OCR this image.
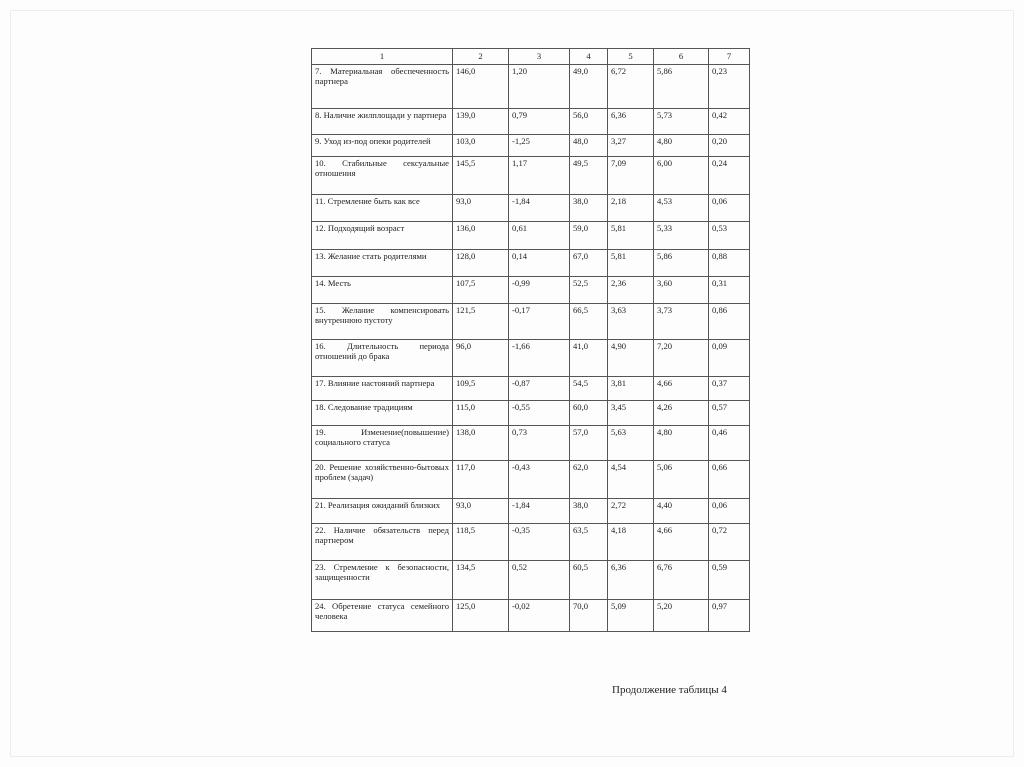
1	2	3	4	5	6	7
7. Материальная обеспеченность партнера	146,0	1,20	49,0	6,72	5,86	0,23
8. Наличие жилплощади у партнера	139,0	0,79	56,0	6,36	5,73	0,42
9. Уход из-под опеки родителей	103,0	-1,25	48,0	3,27	4,80	0,20
10. Стабильные сексуальные отношения	145,5	1,17	49,5	7,09	6,00	0,24
11. Стремление быть как все	93,0	-1,84	38,0	2,18	4,53	0,06
12. Подходящий возраст	136,0	0,61	59,0	5,81	5,33	0,53
13. Желание стать родителями	128,0	0,14	67,0	5,81	5,86	0,88
14. Месть	107,5	-0,99	52,5	2,36	3,60	0,31
15. Желание компенсировать внутреннюю пустоту	121,5	-0,17	66,5	3,63	3,73	0,86
16. Длительность периода отношений до брака	96,0	-1,66	41,0	4,90	7,20	0,09
17. Влияние настояний партнера	109,5	-0,87	54,5	3,81	4,66	0,37
18. Следование традициям	115,0	-0,55	60,0	3,45	4,26	0,57
19. Изменение(повышение) социального статуса	138,0	0,73	57,0	5,63	4,80	0,46
20. Решение хозяйственно-бытовых проблем (задач)	117,0	-0,43	62,0	4,54	5,06	0,66
21. Реализация ожиданий близких	93,0	-1,84	38,0	2,72	4,40	0,06
22. Наличие обязательств перед партнером	118,5	-0,35	63,5	4,18	4,66	0,72
23. Стремление к безопасности, защищенности	134,5	0,52	60,5	6,36	6,76	0,59
24. Обретение статуса семейного человека	125,0	-0,02	70,0	5,09	5,20	0,97
Продолжение таблицы 4
